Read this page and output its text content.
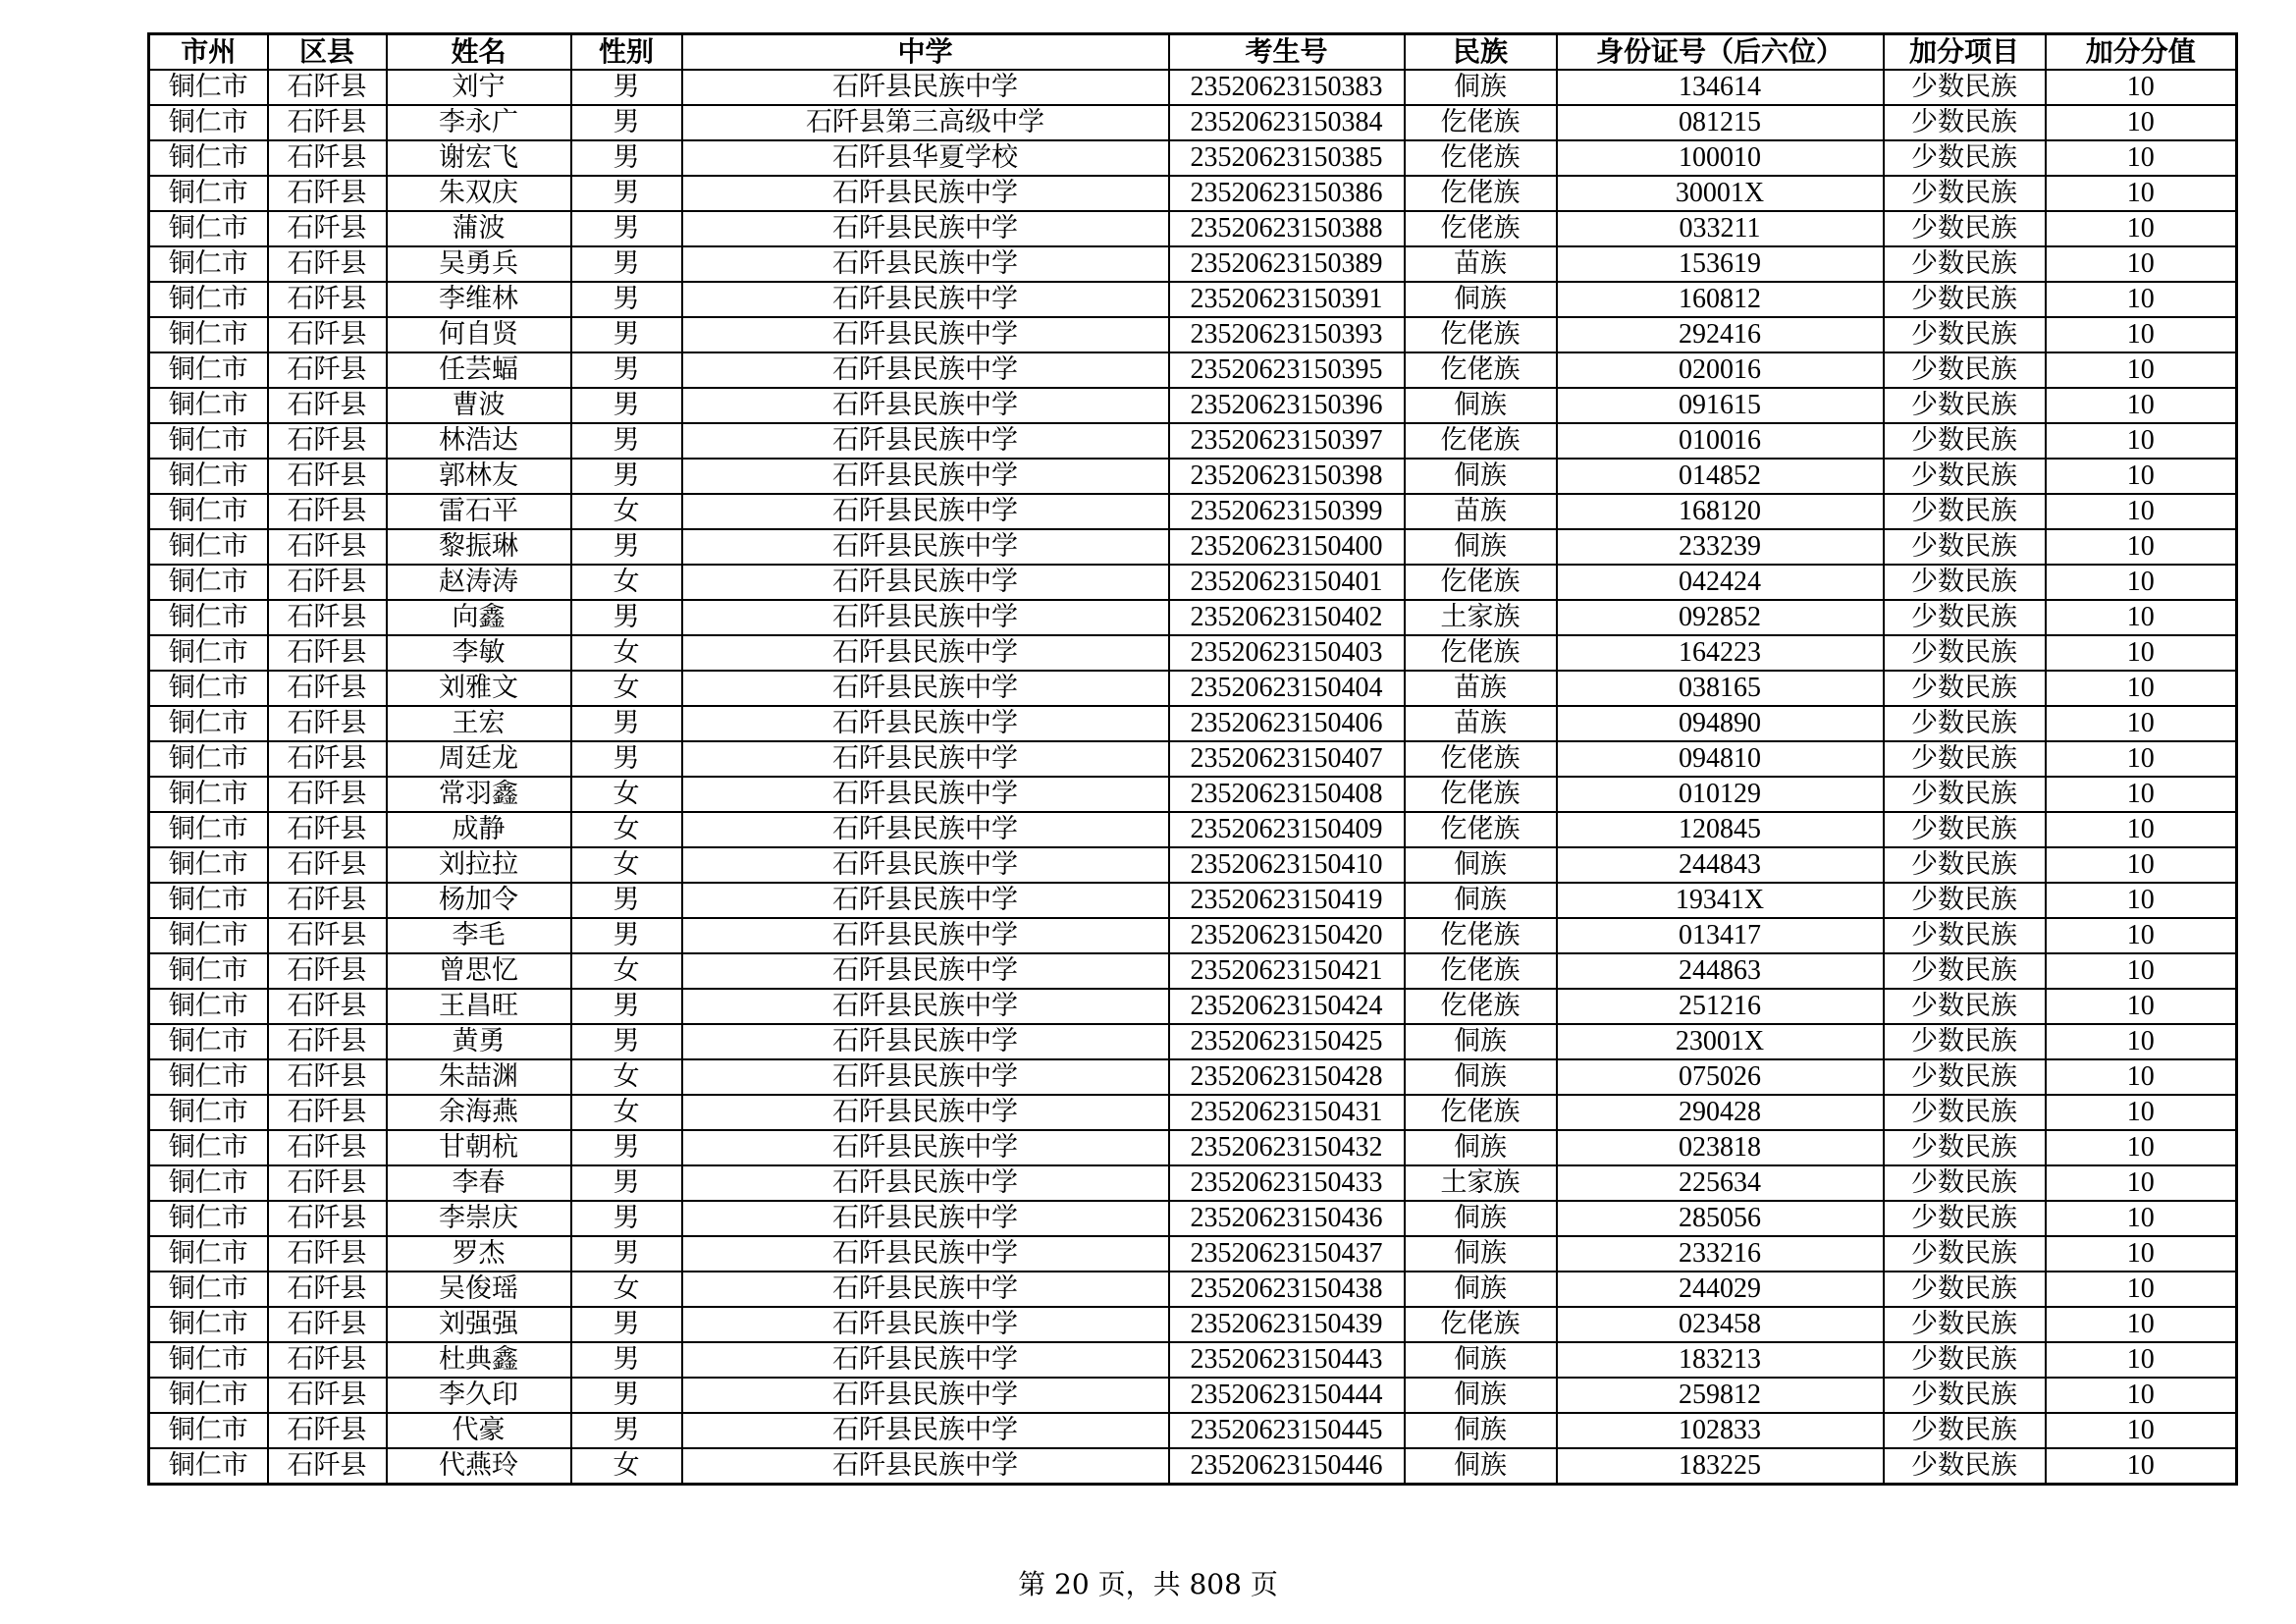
市州	区县	姓名	性别	中学	考生号	民族	身份证号（后六位）	加分项目	加分分值
铜仁市	石阡县	刘宁	男	石阡县民族中学	23520623150383	侗族	134614	少数民族	10
铜仁市	石阡县	李永广	男	石阡县第三高级中学	23520623150384	仡佬族	081215	少数民族	10
铜仁市	石阡县	谢宏飞	男	石阡县华夏学校	23520623150385	仡佬族	100010	少数民族	10
铜仁市	石阡县	朱双庆	男	石阡县民族中学	23520623150386	仡佬族	30001X	少数民族	10
铜仁市	石阡县	蒲波	男	石阡县民族中学	23520623150388	仡佬族	033211	少数民族	10
铜仁市	石阡县	吴勇兵	男	石阡县民族中学	23520623150389	苗族	153619	少数民族	10
铜仁市	石阡县	李维林	男	石阡县民族中学	23520623150391	侗族	160812	少数民族	10
铜仁市	石阡县	何自贤	男	石阡县民族中学	23520623150393	仡佬族	292416	少数民族	10
铜仁市	石阡县	任芸蝠	男	石阡县民族中学	23520623150395	仡佬族	020016	少数民族	10
铜仁市	石阡县	曹波	男	石阡县民族中学	23520623150396	侗族	091615	少数民族	10
铜仁市	石阡县	林浩达	男	石阡县民族中学	23520623150397	仡佬族	010016	少数民族	10
铜仁市	石阡县	郭林友	男	石阡县民族中学	23520623150398	侗族	014852	少数民族	10
铜仁市	石阡县	雷石平	女	石阡县民族中学	23520623150399	苗族	168120	少数民族	10
铜仁市	石阡县	黎振琳	男	石阡县民族中学	23520623150400	侗族	233239	少数民族	10
铜仁市	石阡县	赵涛涛	女	石阡县民族中学	23520623150401	仡佬族	042424	少数民族	10
铜仁市	石阡县	向鑫	男	石阡县民族中学	23520623150402	土家族	092852	少数民族	10
铜仁市	石阡县	李敏	女	石阡县民族中学	23520623150403	仡佬族	164223	少数民族	10
铜仁市	石阡县	刘雅文	女	石阡县民族中学	23520623150404	苗族	038165	少数民族	10
铜仁市	石阡县	王宏	男	石阡县民族中学	23520623150406	苗族	094890	少数民族	10
铜仁市	石阡县	周廷龙	男	石阡县民族中学	23520623150407	仡佬族	094810	少数民族	10
铜仁市	石阡县	常羽鑫	女	石阡县民族中学	23520623150408	仡佬族	010129	少数民族	10
铜仁市	石阡县	成静	女	石阡县民族中学	23520623150409	仡佬族	120845	少数民族	10
铜仁市	石阡县	刘拉拉	女	石阡县民族中学	23520623150410	侗族	244843	少数民族	10
铜仁市	石阡县	杨加令	男	石阡县民族中学	23520623150419	侗族	19341X	少数民族	10
铜仁市	石阡县	李毛	男	石阡县民族中学	23520623150420	仡佬族	013417	少数民族	10
铜仁市	石阡县	曾思忆	女	石阡县民族中学	23520623150421	仡佬族	244863	少数民族	10
铜仁市	石阡县	王昌旺	男	石阡县民族中学	23520623150424	仡佬族	251216	少数民族	10
铜仁市	石阡县	黄勇	男	石阡县民族中学	23520623150425	侗族	23001X	少数民族	10
铜仁市	石阡县	朱喆渊	女	石阡县民族中学	23520623150428	侗族	075026	少数民族	10
铜仁市	石阡县	余海燕	女	石阡县民族中学	23520623150431	仡佬族	290428	少数民族	10
铜仁市	石阡县	甘朝杭	男	石阡县民族中学	23520623150432	侗族	023818	少数民族	10
铜仁市	石阡县	李春	男	石阡县民族中学	23520623150433	土家族	225634	少数民族	10
铜仁市	石阡县	李崇庆	男	石阡县民族中学	23520623150436	侗族	285056	少数民族	10
铜仁市	石阡县	罗杰	男	石阡县民族中学	23520623150437	侗族	233216	少数民族	10
铜仁市	石阡县	吴俊瑶	女	石阡县民族中学	23520623150438	侗族	244029	少数民族	10
铜仁市	石阡县	刘强强	男	石阡县民族中学	23520623150439	仡佬族	023458	少数民族	10
铜仁市	石阡县	杜典鑫	男	石阡县民族中学	23520623150443	侗族	183213	少数民族	10
铜仁市	石阡县	李久印	男	石阡县民族中学	23520623150444	侗族	259812	少数民族	10
铜仁市	石阡县	代豪	男	石阡县民族中学	23520623150445	侗族	102833	少数民族	10
铜仁市	石阡县	代燕玲	女	石阡县民族中学	23520623150446	侗族	183225	少数民族	10
第 20 页，共 808 页
